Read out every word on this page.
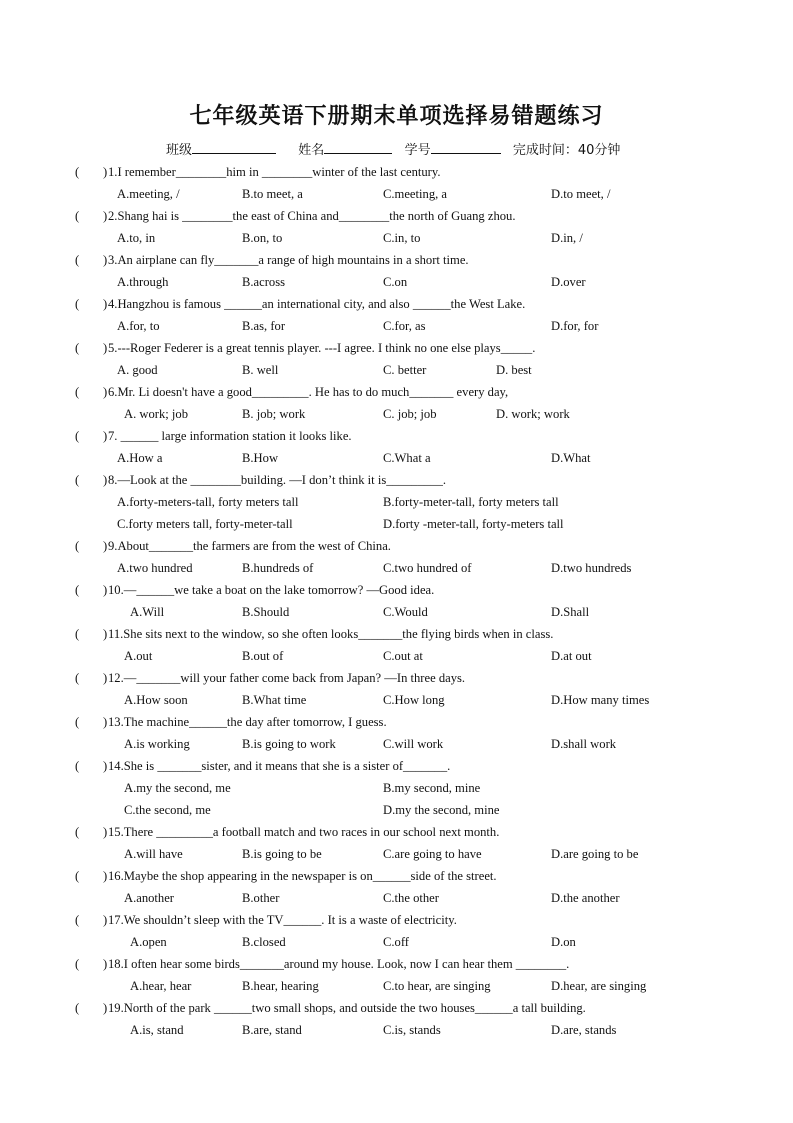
七年级英语下册期末单项选择易错题练习
班级	姓名	学号	完成时间：40分钟
( ) 1.I remember________him in ________winter of the last century.
A.meeting, /	B.to meet, a	C.meeting, a	D.to meet, /
( ) 2.Shang hai is ________the east of China and________the north of Guang zhou.
A.to, in	B.on, to	C.in, to	D.in, /
( ) 3.An airplane can fly_______a range of high mountains in a short time.
A.through	B.across	C.on	D.over
( ) 4.Hangzhou is famous ______an international city, and also ______the West Lake.
A.for, to	B.as, for	C.for, as	D.for, for
( ) 5.---Roger Federer is a great tennis player. ---I agree. I think no one else plays_____.
A. good	B. well	C. better	D. best
( ) 6.Mr. Li doesn't have a good_________. He has to do much_______ every day,
A. work; job	B. job; work	C. job; job	D. work; work
( ) 7. ______ large information station it looks like.
A.How a	B.How	C.What a	D.What
( ) 8.—Look at the ________building. —I don’t think it is_________.
A.forty-meters-tall, forty meters tall	B.forty-meter-tall, forty meters tall
C.forty meters tall, forty-meter-tall	D.forty -meter-tall, forty-meters tall
( ) 9.About_______the farmers are from the west of China.
A.two hundred	B.hundreds of	C.two hundred of	D.two hundreds
( ) 10.—______we take a boat on the lake tomorrow? —Good idea.
A.Will	B.Should	C.Would	D.Shall
( ) 11.She sits next to the window, so she often looks_______the flying birds when in class.
A.out	B.out of	C.out at	D.at out
( ) 12.—_______will your father come back from Japan? —In three days.
A.How soon	B.What time	C.How long	D.How many times
( ) 13.The machine______the day after tomorrow, I guess.
A.is working	B.is going to work	C.will work	D.shall work
( ) 14.She is _______sister, and it means that she is a sister of_______.
A.my the second, me	B.my second, mine
C.the second, me	D.my the second, mine
( ) 15.There _________a football match and two races in our school next month.
A.will have	B.is going to be	C.are going to have	D.are going to be
( ) 16.Maybe the shop appearing in the newspaper is on______side of the street.
A.another	B.other	C.the other	D.the another
( ) 17.We shouldn’t sleep with the TV______. It is a waste of electricity.
A.open	B.closed	C.off	D.on
( ) 18.I often hear some birds_______around my house. Look, now I can hear them ________.
A.hear, hear	B.hear, hearing	C.to hear, are singing	D.hear, are singing
( ) 19.North of the park ______two small shops, and outside the two houses______a tall building.
A.is, stand	B.are, stand	C.is, stands	D.are, stands
